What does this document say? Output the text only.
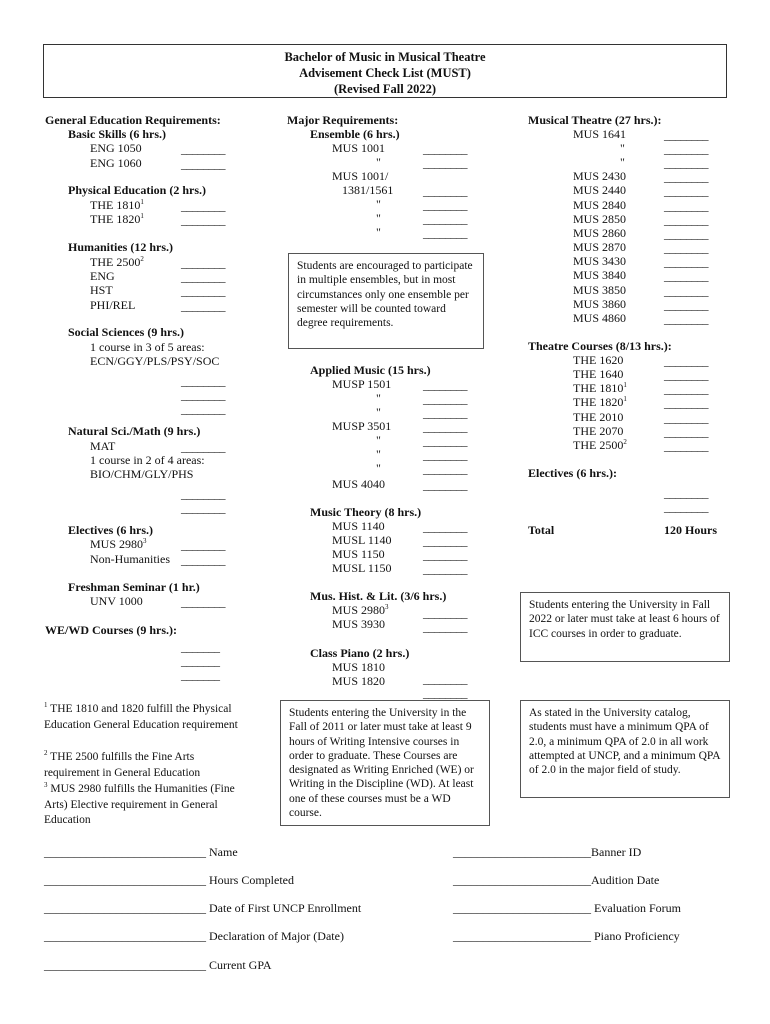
Bachelor of Music in Musical Theatre
Advisement Check List (MUST)
(Revised Fall 2022)
General Education Requirements:
Basic Skills (6 hrs.)
ENG 1050	________
ENG 1060	________
Physical Education (2 hrs.)
THE 1810$^1$	________
THE 1820$^1$	________
Humanities (12 hrs.)
THE 2500$^2$	________
ENG	________
HST	________
PHI/REL	________
Social Sciences (9 hrs.)
1 course in 3 of 5 areas:
ECN/GGY/PLS/PSY/SOC
________
________
________
Natural Sci./Math (9 hrs.)
MAT	________
1 course in 2 of 4 areas:
BIO/CHM/GLY/PHS
________
________
Electives (6 hrs.)
MUS 2980$^3$	________
Non-Humanities ________
Freshman Seminar (1 hr.)
UNV 1000	________
WE/WD Courses (9 hrs.):
_______
_______
_______
$^1$ THE 1810 and 1820 fulfill the Physical Education General Education requirement
$^2$ THE 2500 fulfills the Fine Arts requirement in General Education
$^3$ MUS 2980 fulfills the Humanities (Fine Arts) Elective requirement in General Education
Major Requirements:
Ensemble (6 hrs.)
MUS 1001	________
"	________
MUS 1001/
1381/1561 ________
"	________
"	________
"	________
Students are encouraged to participate in multiple ensembles, but in most circumstances only one ensemble per semester will be counted toward degree requirements.
Applied Music (15 hrs.)
MUSP 1501	________
"	________
"	________
MUSP 3501	________
"	________
"	________
"	________
MUS 4040	________
Music Theory (8 hrs.)
MUS 1140	________
MUSL 1140	________
MUS 1150	________
MUSL 1150	________
Mus. Hist. & Lit. (3/6 hrs.)
MUS 2980$^3$	________
MUS 3930	________
Class Piano (2 hrs.)
MUS 1810
________
MUS 1820
________
Students entering the University in the Fall of 2011 or later must take at least 9 hours of Writing Intensive courses in order to graduate. These Courses are designated as Writing Enriched (WE) or Writing in the Discipline (WD). At least one of these courses must be a WD course.
Musical Theatre (27 hrs.):
MUS 1641	________
"	________
"	________
MUS 2430	________
MUS 2440	________
MUS 2840	________
MUS 2850	________
MUS 2860	________
MUS 2870	________
MUS 3430	________
MUS 3840	________
MUS 3850	________
MUS 3860	________
MUS 4860	________
Theatre Courses (8/13 hrs.):
THE 1620	________
THE 1640	________
THE 1810$^1$	________
THE 1820$^1$	________
THE 2010	________
THE 2070	________
THE 2500$^2$	________
Electives (6 hrs.):
________
________
Total	120 Hours
Students entering the University in Fall 2022 or later must take at least 6 hours of ICC courses in order to graduate.
As stated in the University catalog, students must have a minimum QPA of 2.0, a minimum QPA of 2.0 in all work attempted at UNCP, and a minimum QPA of 2.0 in the major field of study.
___________________________ Name
___________________________ Hours Completed
___________________________ Date of First UNCP Enrollment
___________________________ Declaration of Major (Date)
___________________________ Current GPA
_______________________Banner ID
_______________________Audition Date
_______________________ Evaluation Forum
_______________________ Piano Proficiency
